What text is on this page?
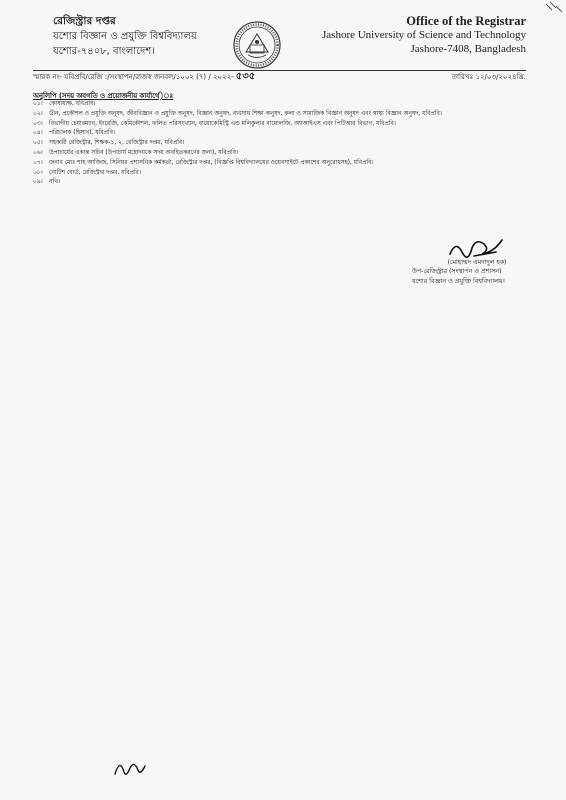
রেজিস্ট্রার দপ্তর
যশোর বিজ্ঞান ও প্রযুক্তি বিশ্ববিদ্যালয়
যশোর-৭৪০৮, বাংলাদেশ।
Office of the Registrar
Jashore University of Science and Technology
Jashore-7408, Bangladesh
স্মারক নং- যবিপ্রবি/রেজি :/সংস্থাপন/রাজস্ব জনবল/১০০২ (৭) / ২০২২- ৫৩৫	তারিখঃ ১২/০৩/২০২৪খ্রি.
অনুলিপি (সদয় অবগতি ও প্রয়োজনীয় কার্যার্থে)ঃ
০১। কোষাধ্যক্ষ, যবিপ্রবি।
০২। ডীন, প্রকৌশল ও প্রযুক্তি অনুষদ, জীববিজ্ঞান ও প্রযুক্তি অনুষদ, বিজ্ঞান অনুষদ, ব্যবসায় শিক্ষা অনুষদ, কলা ও সামাজিক বিজ্ঞান অনুষদ এবং স্বাস্থ্য বিজ্ঞান অনুষদ, যবিপ্রবি।
০৩। বিভাগীয় চেয়ারম্যান, ইংরেজি, কেমিকৌশল, ফলিত পরিসংখ্যান, বায়োকেমিস্ট্রি এন্ড মলিকুলার বায়োলজি, অ্যাআইএস এবং পিটিআর বিভাগ, যবিপ্রবি।
০৪। পরিচালক (হিসাব), যবিপ্রবি।
০৫। সহকারী রেজিস্ট্রার, শিক্ষক-১, ২, রেজিস্ট্রার দপ্তর, যবিপ্রবি।
০৬। উপাচার্যের একান্ত সচিব (উপাচার্য মহোদয়কে সদয় অবহিতকরণের জন্য), যবিপ্রবি।
০৭। জনাব মোঃ শাহ আজিজ, সিনিয়র প্রশাসনিক কর্মকর্তা, রেজিস্ট্রার দপ্তর, (বিজ্ঞপ্তি বিশ্ববিদ্যালয়ের ওয়েবসাইটে প্রকাশের অনুরোধসহ), যবিপ্রবি।
০৮। নোটিশ বোর্ড, রেজিস্ট্রার দপ্তর, যবিপ্রবি।
০৯। নথি।
(মোহাম্মদ এমদাদুল হক)
উপ-রেজিস্ট্রার (সংস্থাপন ও প্রশাসন)
যশোর বিজ্ঞান ও প্রযুক্তি বিশ্ববিদ্যালয়।
